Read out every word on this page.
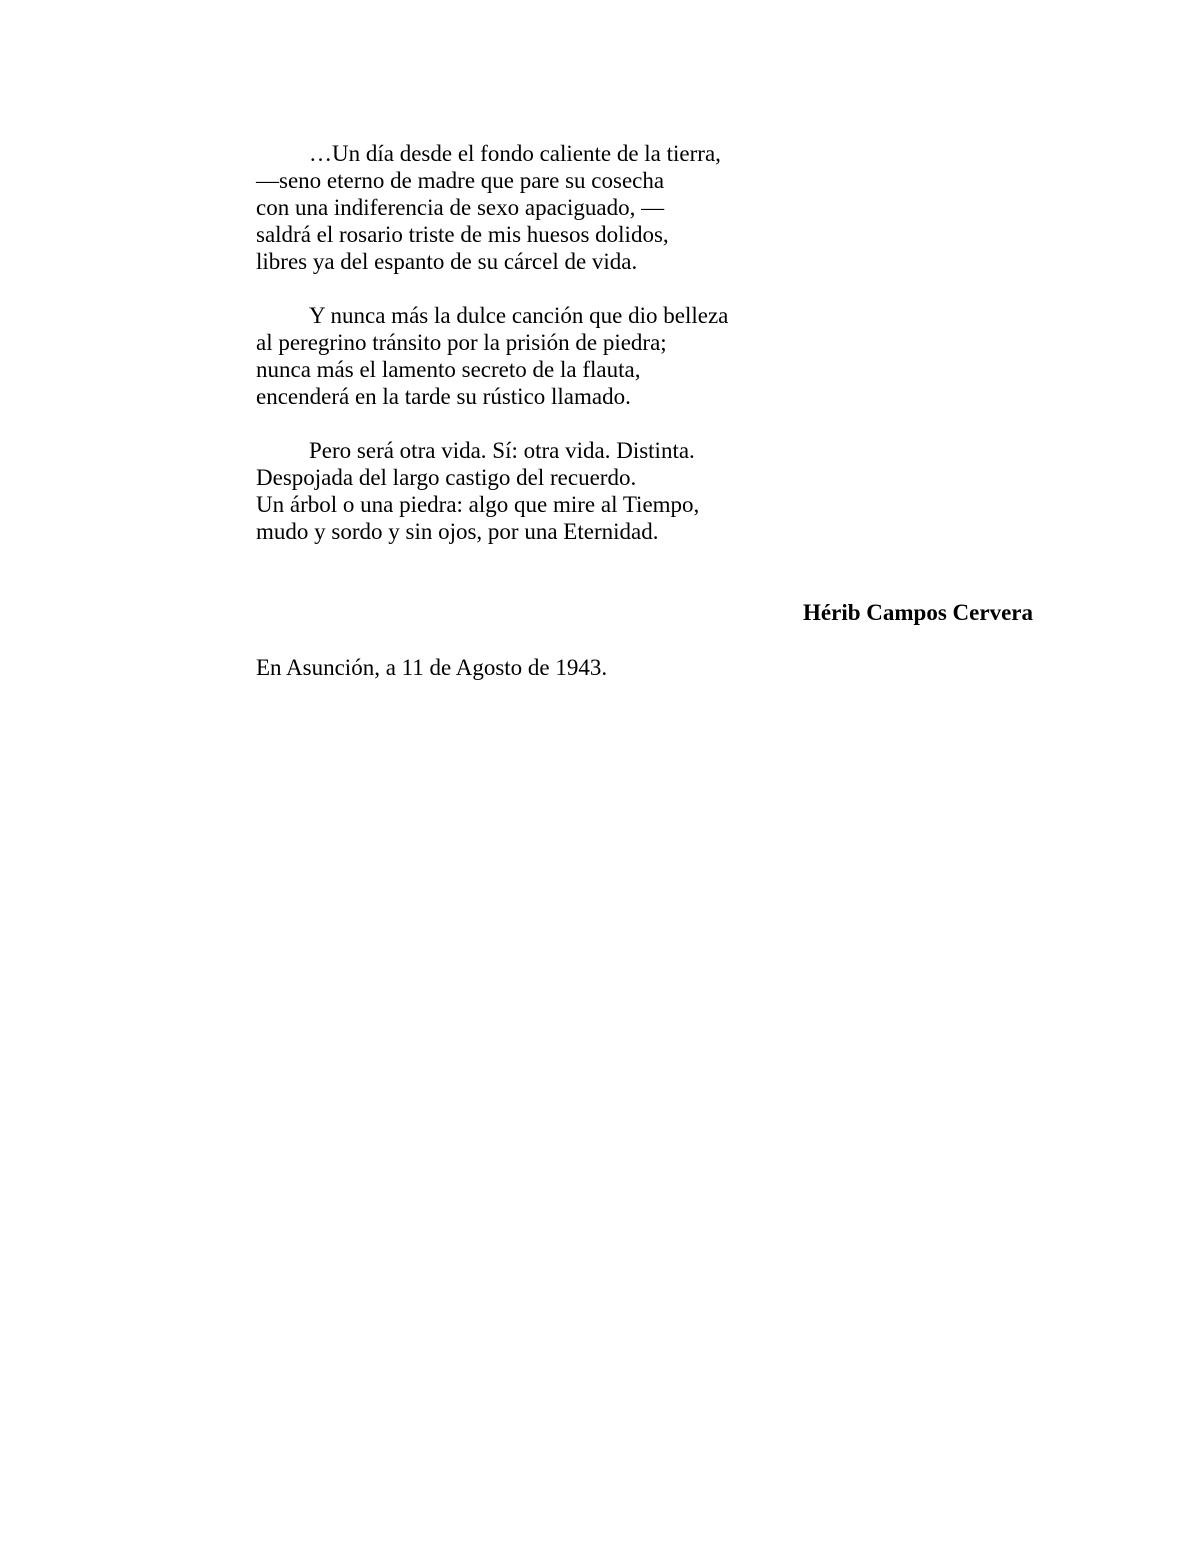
…Un día desde el fondo caliente de la tierra,
—seno eterno de madre que pare su cosecha
con una indiferencia de sexo apaciguado, —
saldrá el rosario triste de mis huesos dolidos,
libres ya del espanto de su cárcel de vida.
Y nunca más la dulce canción que dio belleza
al peregrino tránsito por la prisión de piedra;
nunca más el lamento secreto de la flauta,
encenderá en la tarde su rústico llamado.
Pero será otra vida. Sí: otra vida. Distinta.
Despojada del largo castigo del recuerdo.
Un árbol o una piedra: algo que mire al Tiempo,
mudo y sordo y sin ojos, por una Eternidad.
Hérib Campos Cervera
En Asunción, a 11 de Agosto de 1943.
